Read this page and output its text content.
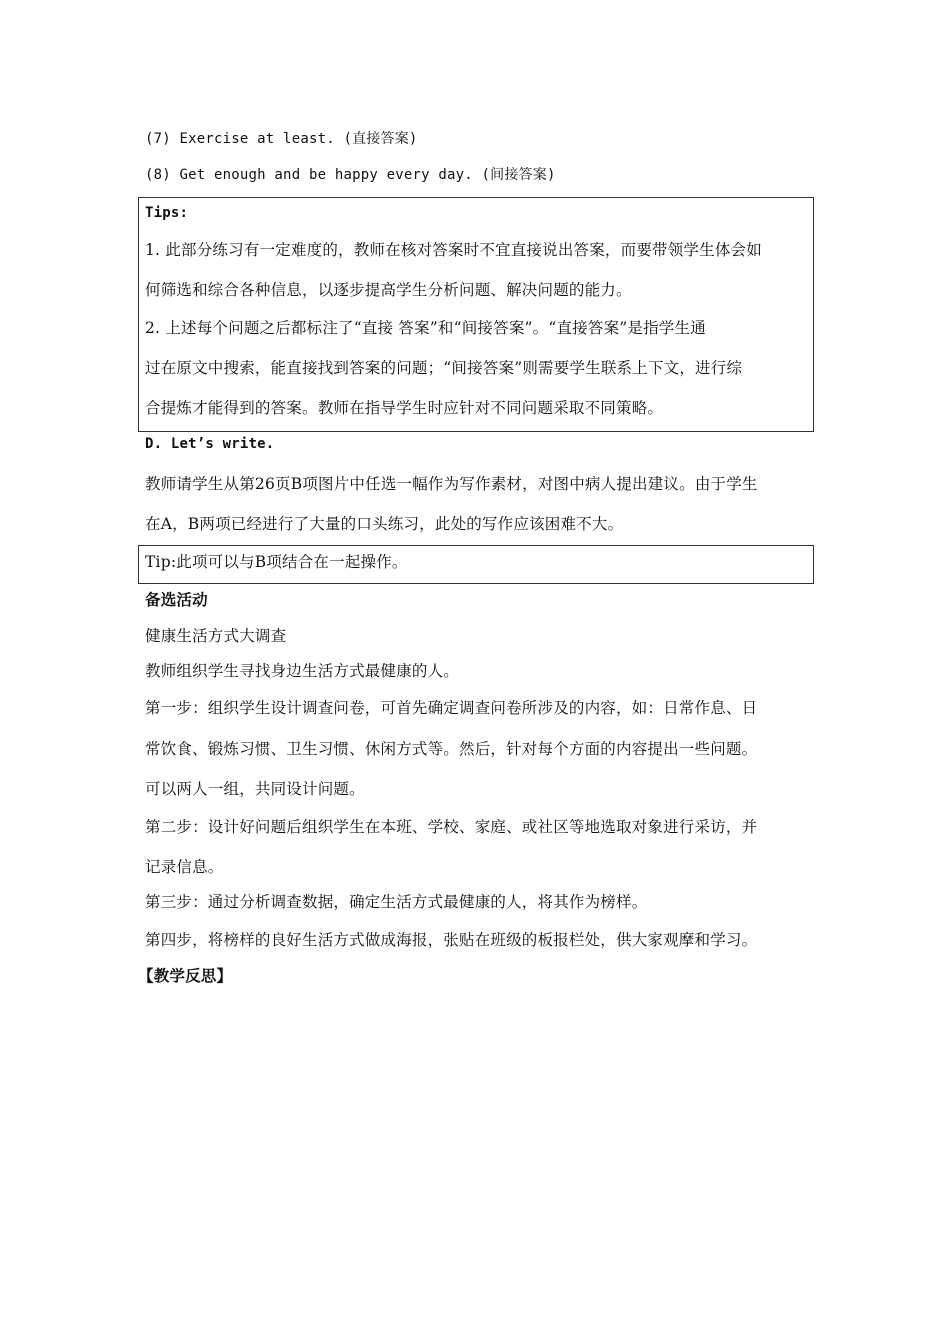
(7) Exercise at least. (直接答案)
(8) Get enough and be happy every day. (间接答案)
Tips:
1. 此部分练习有一定难度的，教师在核对答案时不宜直接说出答案，而要带领学生体会如
何筛选和综合各种信息，以逐步提高学生分析问题、解决问题的能力。
2. 上述每个问题之后都标注了“直接 答案”和“间接答案”。“直接答案”是指学生通
过在原文中搜索，能直接找到答案的问题；“间接答案”则需要学生联系上下文，进行综
合提炼才能得到的答案。教师在指导学生时应针对不同问题采取不同策略。
D. Let’s write.
教师请学生从第26页B项图片中任选一幅作为写作素材，对图中病人提出建议。由于学生
在A，B两项已经进行了大量的口头练习，此处的写作应该困难不大。
Tip:此项可以与B项结合在一起操作。
备选活动
健康生活方式大调查
教师组织学生寻找身边生活方式最健康的人。
第一步：组织学生设计调查问卷，可首先确定调查问卷所涉及的内容，如：日常作息、日
常饮食、锻炼习惯、卫生习惯、休闲方式等。然后，针对每个方面的内容提出一些问题。
可以两人一组，共同设计问题。
第二步：设计好问题后组织学生在本班、学校、家庭、或社区等地选取对象进行采访，并
记录信息。
第三步：通过分析调查数据，确定生活方式最健康的人，将其作为榜样。
第四步，将榜样的良好生活方式做成海报，张贴在班级的板报栏处，供大家观摩和学习。
【教学反思】
